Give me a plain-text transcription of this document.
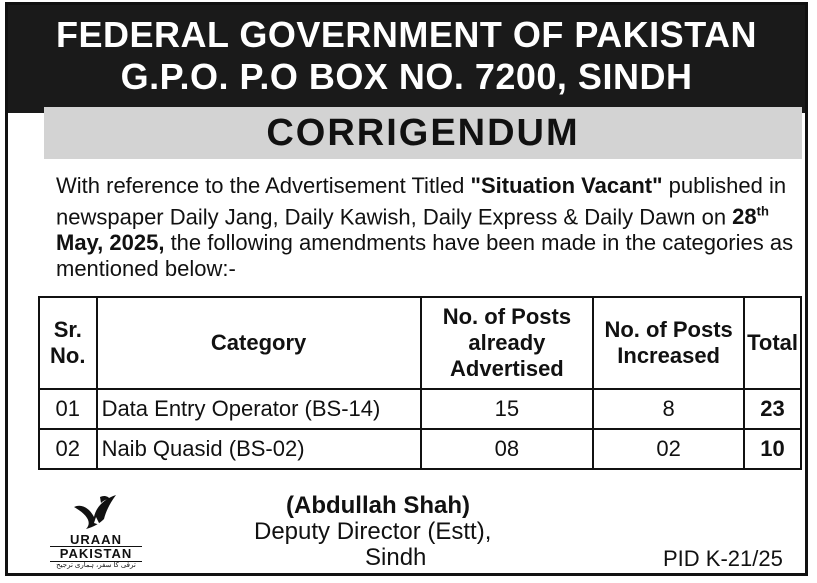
FEDERAL GOVERNMENT OF PAKISTAN
G.P.O. P.O BOX NO. 7200, SINDH
CORRIGENDUM
With reference to the Advertisement Titled "Situation Vacant" published in newspaper Daily Jang, Daily Kawish, Daily Express & Daily Dawn on 28th May, 2025, the following amendments have been made in the categories as mentioned below:-
Sr. No.	Category	No. of Posts already Advertised	No. of Posts Increased	Total
01	Data Entry Operator (BS-14)	15	8	23
02	Naib Quasid (BS-02)	08	02	10
URAAN
PAKISTAN
ترقی کا سفر، ہماری ترجیح
(Abdullah Shah)
Deputy Director (Estt),
Sindh	PID K-21/25
